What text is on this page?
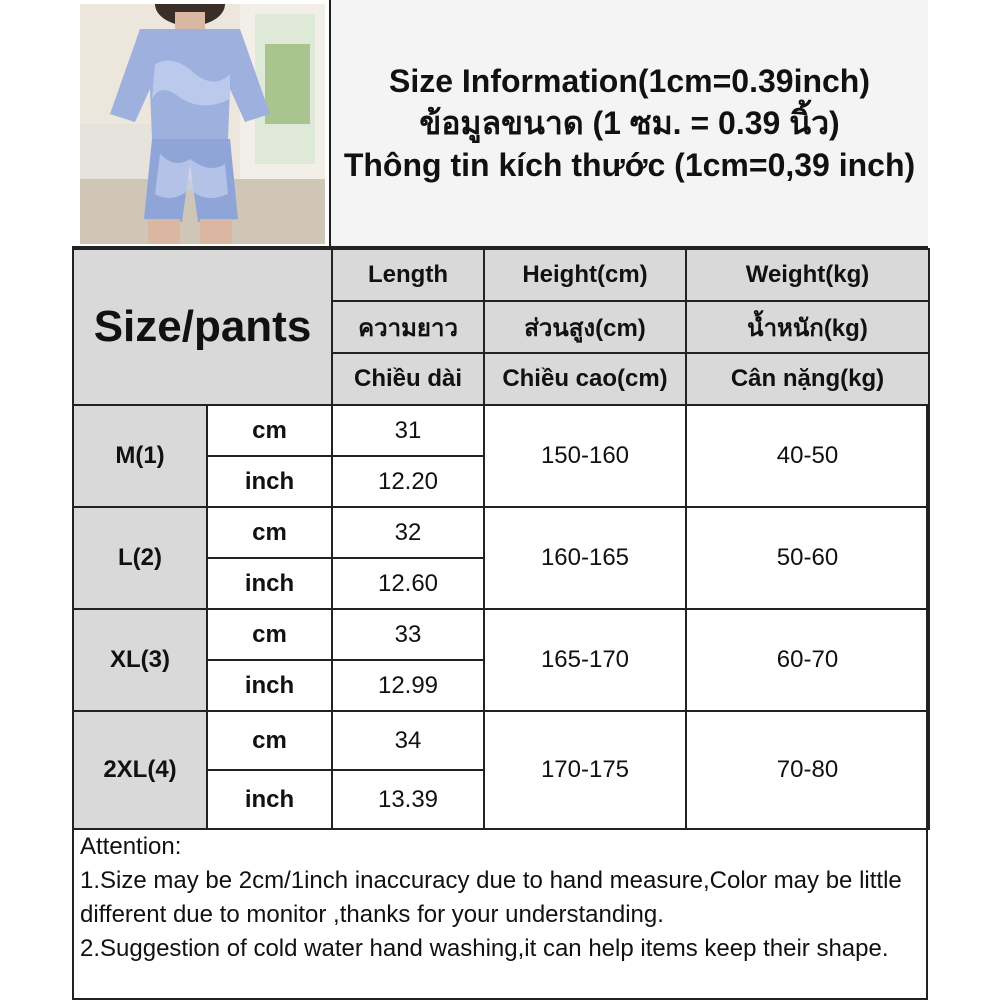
Size Information(1cm=0.39inch)
ข้อมูลขนาด (1 ซม. = 0.39 นิ้ว)
Thông tin kích thước (1cm=0,39 inch)
Size/pants		Length	Height(cm)	Weight(kg)
		ความยาว	ส่วนสูง(cm)	น้ำหนัก(kg)
		Chiều dài	Chiều cao(cm)	Cân nặng(kg)
M(1)	cm	31	150-160	40-50
	inch	12.20		
L(2)	cm	32	160-165	50-60
	inch	12.60		
XL(3)	cm	33	165-170	60-70
	inch	12.99		
2XL(4)	cm	34	170-175	70-80
	inch	13.39		
Attention:
1.Size may be 2cm/1inch inaccuracy due to hand measure,Color may be little different due to monitor ,thanks for your understanding.
2.Suggestion of cold water hand washing,it can help items keep their shape.
